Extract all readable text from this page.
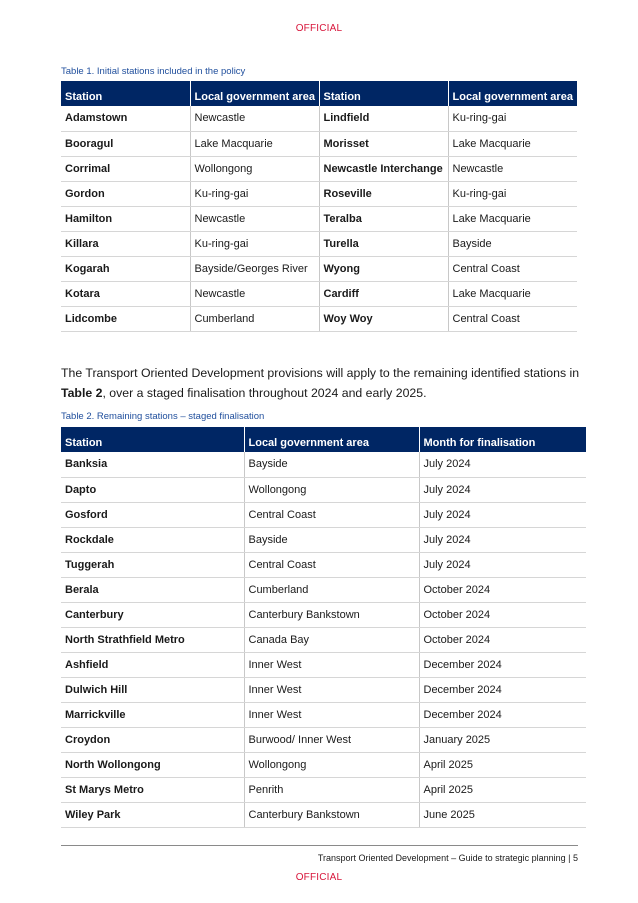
OFFICIAL
Table 1. Initial stations included in the policy
Station	Local government area	Station	Local government area
Adamstown	Newcastle	Lindfield	Ku-ring-gai
Booragul	Lake Macquarie	Morisset	Lake Macquarie
Corrimal	Wollongong	Newcastle Interchange	Newcastle
Gordon	Ku-ring-gai	Roseville	Ku-ring-gai
Hamilton	Newcastle	Teralba	Lake Macquarie
Killara	Ku-ring-gai	Turella	Bayside
Kogarah	Bayside/Georges River	Wyong	Central Coast
Kotara	Newcastle	Cardiff	Lake Macquarie
Lidcombe	Cumberland	Woy Woy	Central Coast
The Transport Oriented Development provisions will apply to the remaining identified stations in Table 2, over a staged finalisation throughout 2024 and early 2025.
Table 2. Remaining stations – staged finalisation
Station	Local government area	Month for finalisation
Banksia	Bayside	July 2024
Dapto	Wollongong	July 2024
Gosford	Central Coast	July 2024
Rockdale	Bayside	July 2024
Tuggerah	Central Coast	July 2024
Berala	Cumberland	October 2024
Canterbury	Canterbury Bankstown	October 2024
North Strathfield Metro	Canada Bay	October 2024
Ashfield	Inner West	December 2024
Dulwich Hill	Inner West	December 2024
Marrickville	Inner West	December 2024
Croydon	Burwood/ Inner West	January 2025
North Wollongong	Wollongong	April 2025
St Marys Metro	Penrith	April 2025
Wiley Park	Canterbury Bankstown	June 2025
Transport Oriented Development – Guide to strategic planning | 5
OFFICIAL
